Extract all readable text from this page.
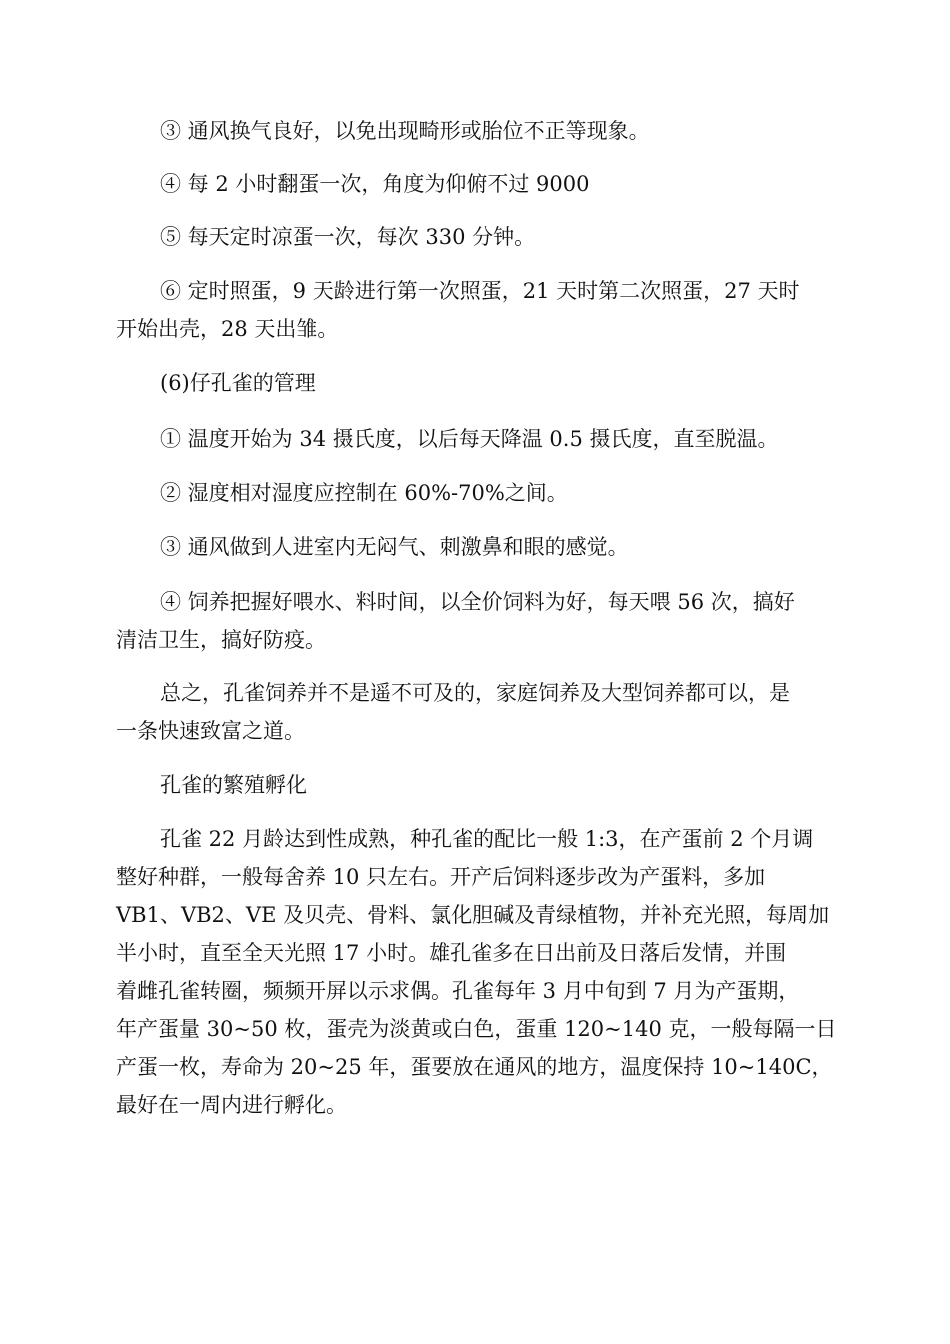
③ 通风换气良好，以免出现畸形或胎位不正等现象。

④ 每 2 小时翻蛋一次，角度为仰俯不过 9000

⑤ 每天定时凉蛋一次，每次 330 分钟。

⑥ 定时照蛋，9 天龄进行第一次照蛋，21 天时第二次照蛋，27 天时
开始出壳，28 天出雏。

(6)仔孔雀的管理

① 温度开始为 34 摄氏度，以后每天降温 0.5 摄氏度，直至脱温。

② 湿度相对湿度应控制在 60%-70%之间。

③ 通风做到人进室内无闷气、刺激鼻和眼的感觉。

④ 饲养把握好喂水、料时间，以全价饲料为好，每天喂 56 次，搞好
清洁卫生，搞好防疫。

总之，孔雀饲养并不是遥不可及的，家庭饲养及大型饲养都可以，是
一条快速致富之道。

孔雀的繁殖孵化

孔雀 22 月龄达到性成熟，种孔雀的配比一般 1:3，在产蛋前 2 个月调
整好种群，一般每舍养 10 只左右。开产后饲料逐步改为产蛋料，多加
VB1、VB2、VE 及贝壳、骨料、氯化胆碱及青绿植物，并补充光照，每周加
半小时，直至全天光照 17 小时。雄孔雀多在日出前及日落后发情，并围
着雌孔雀转圈，频频开屏以示求偶。孔雀每年 3 月中旬到 7 月为产蛋期，
年产蛋量 30~50 枚，蛋壳为淡黄或白色，蛋重 120~140 克，一般每隔一日
产蛋一枚，寿命为 20~25 年，蛋要放在通风的地方，温度保持 10~140C，
最好在一周内进行孵化。
